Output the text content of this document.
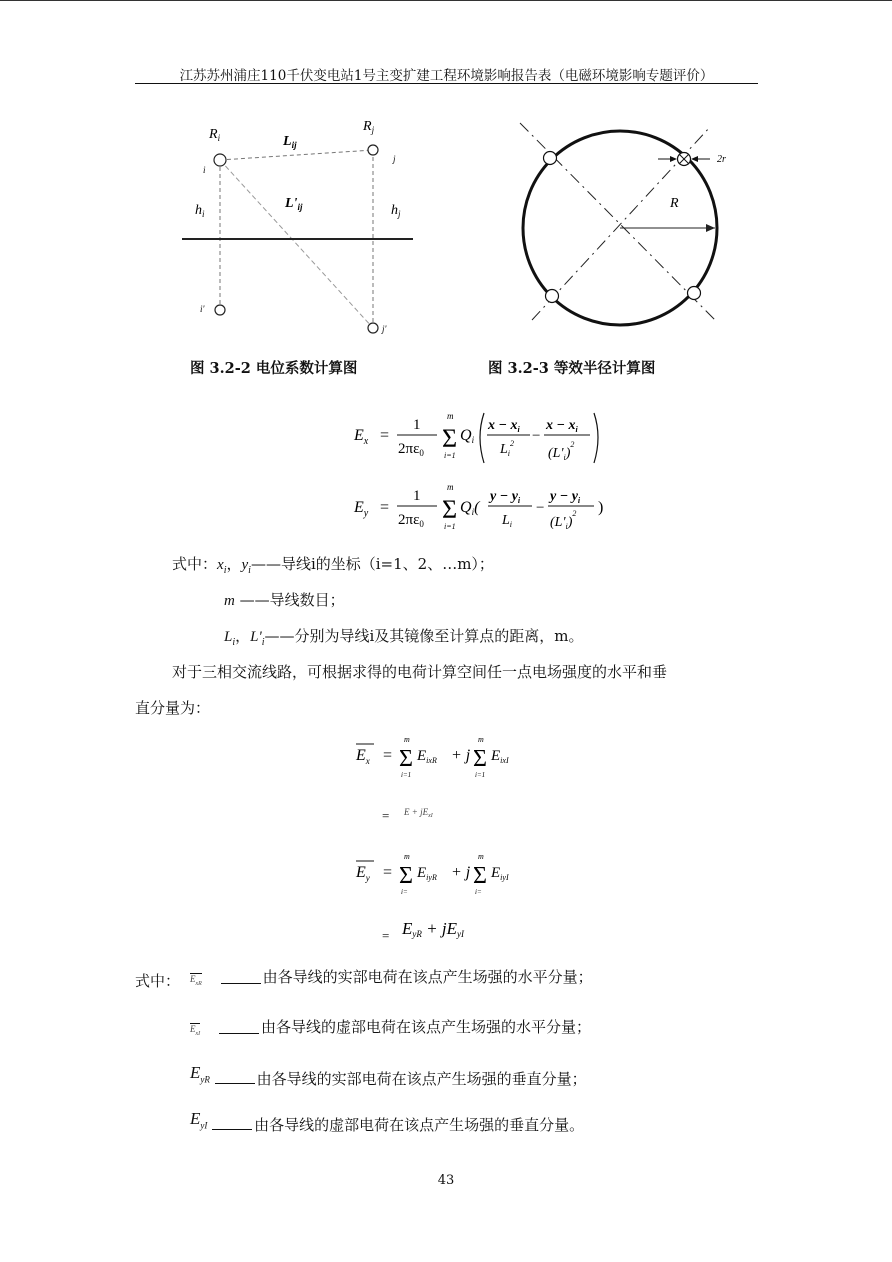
江苏苏州浦庄110千伏变电站1号主变扩建工程环境影响报告表（电磁环境影响专题评价）
$R_i$
$R_j$
$L_{ij}$
$L'_{ij}$
$h_i$	$h_j$
i
j
i'
j'
2r
R
图 3.2-2 电位系数计算图	图 3.2-3 等效半径计算图
$E_x$ =
1
$2\pi\varepsilon_0$
m
Σ
i=1
Qi
$x - x_i$
$L_i^2$ −
$x - x_i$
$(L'_i)^2$
$E_y$ =
1
$2\pi\varepsilon_0$
m
Σ
i=1
Qi(
$y - y_i$
$L_i$
−
$y - y_i$
$(L'_i)^2$ )
式中：$x_i$，$y_i——$导线i的坐标（i=1、2、…m）；
m ——导线数目；
$L_i$，$L'_i——$分别为导线i及其镜像至计算点的距离，m。
对于三相交流线路，可根据求得的电荷计算空间任一点电场强度的水平和垂
直分量为：
$E_x$ =
m
Σ
i=1
$E_{ixR} + j$
m
Σ
i=1
$E_{ixI}$
= $E + jE_{xI}$
$E_y$ =
m
Σ
i=
$E_{iyR} + j$
m
Σ
i=
$E_{iyI}$
= EyR + jEyI
式中： $E_{xR}$	由各导线的实部电荷在该点产生场强的水平分量；
$E_{xI}$	由各导线的虚部电荷在该点产生场强的水平分量；
$E_{yR}$	由各导线的实部电荷在该点产生场强的垂直分量；
$E_{yI}$	由各导线的虚部电荷在该点产生场强的垂直分量。
43
